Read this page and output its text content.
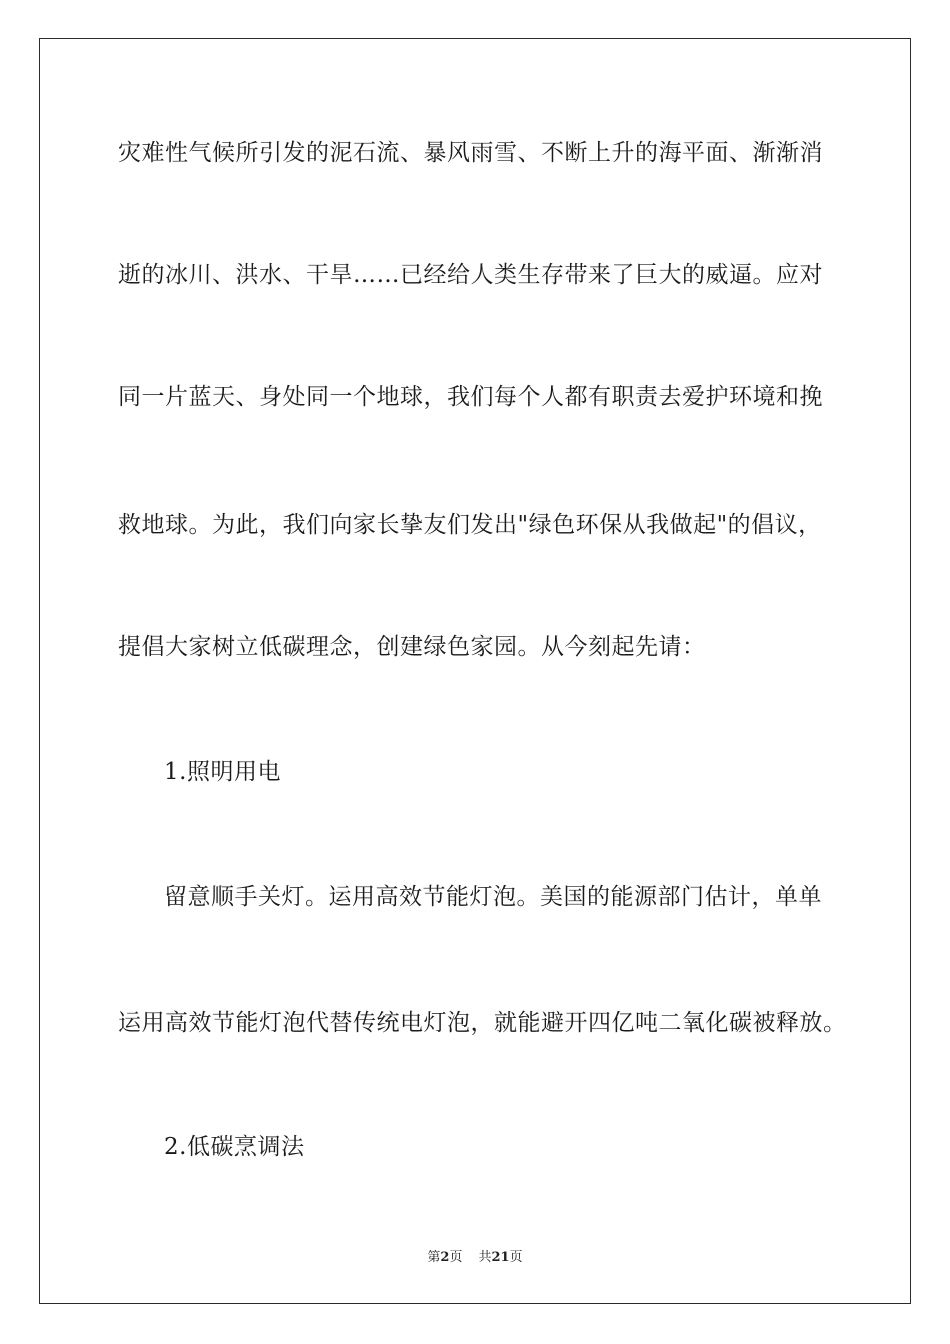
灾难性气候所引发的泥石流、暴风雨雪、不断上升的海平面、渐渐消
逝的冰川、洪水、干旱……已经给人类生存带来了巨大的威逼。应对
同一片蓝天、身处同一个地球，我们每个人都有职责去爱护环境和挽
救地球。为此，我们向家长挚友们发出"绿色环保从我做起"的倡议，
提倡大家树立低碳理念，创建绿色家园。从今刻起先请：
1.照明用电
留意顺手关灯。运用高效节能灯泡。美国的能源部门估计，单单
运用高效节能灯泡代替传统电灯泡，就能避开四亿吨二氧化碳被释放。
2.低碳烹调法
第2页 共21页
